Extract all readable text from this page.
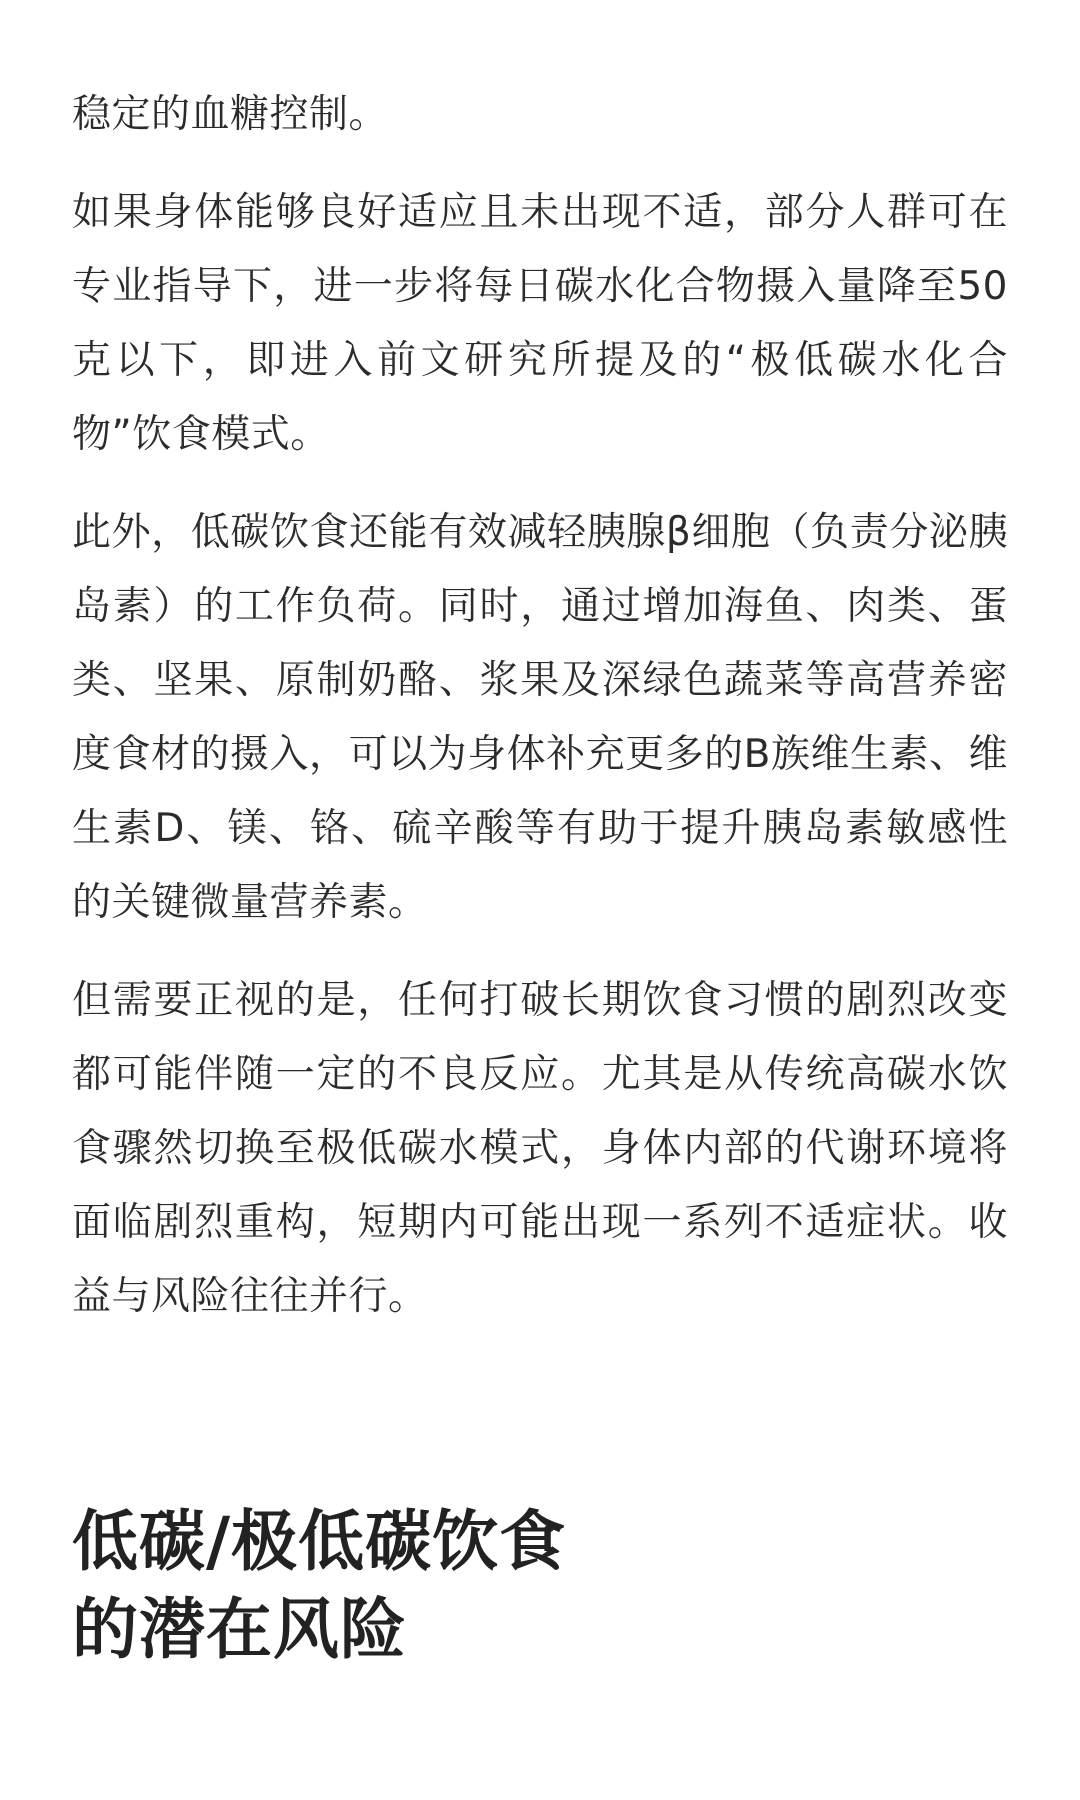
稳定的血糖控制。

如果身体能够良好适应且未出现不适，部分人群可在专业指导下，进一步将每日碳水化合物摄入量降至50克以下，即进入前文研究所提及的“极低碳水化合物”饮食模式。

此外，低碳饮食还能有效减轻胰腺β细胞（负责分泌胰岛素）的工作负荷。同时，通过增加海鱼、肉类、蛋类、坚果、原制奶酪、浆果及深绿色蔬菜等高营养密度食材的摄入，可以为身体补充更多的B族维生素、维生素D、镁、铬、硫辛酸等有助于提升胰岛素敏感性的关键微量营养素。

但需要正视的是，任何打破长期饮食习惯的剧烈改变都可能伴随一定的不良反应。尤其是从传统高碳水饮食骤然切换至极低碳水模式，身体内部的代谢环境将面临剧烈重构，短期内可能出现一系列不适症状。收益与风险往往并行。

低碳/极低碳饮食
的潜在风险
